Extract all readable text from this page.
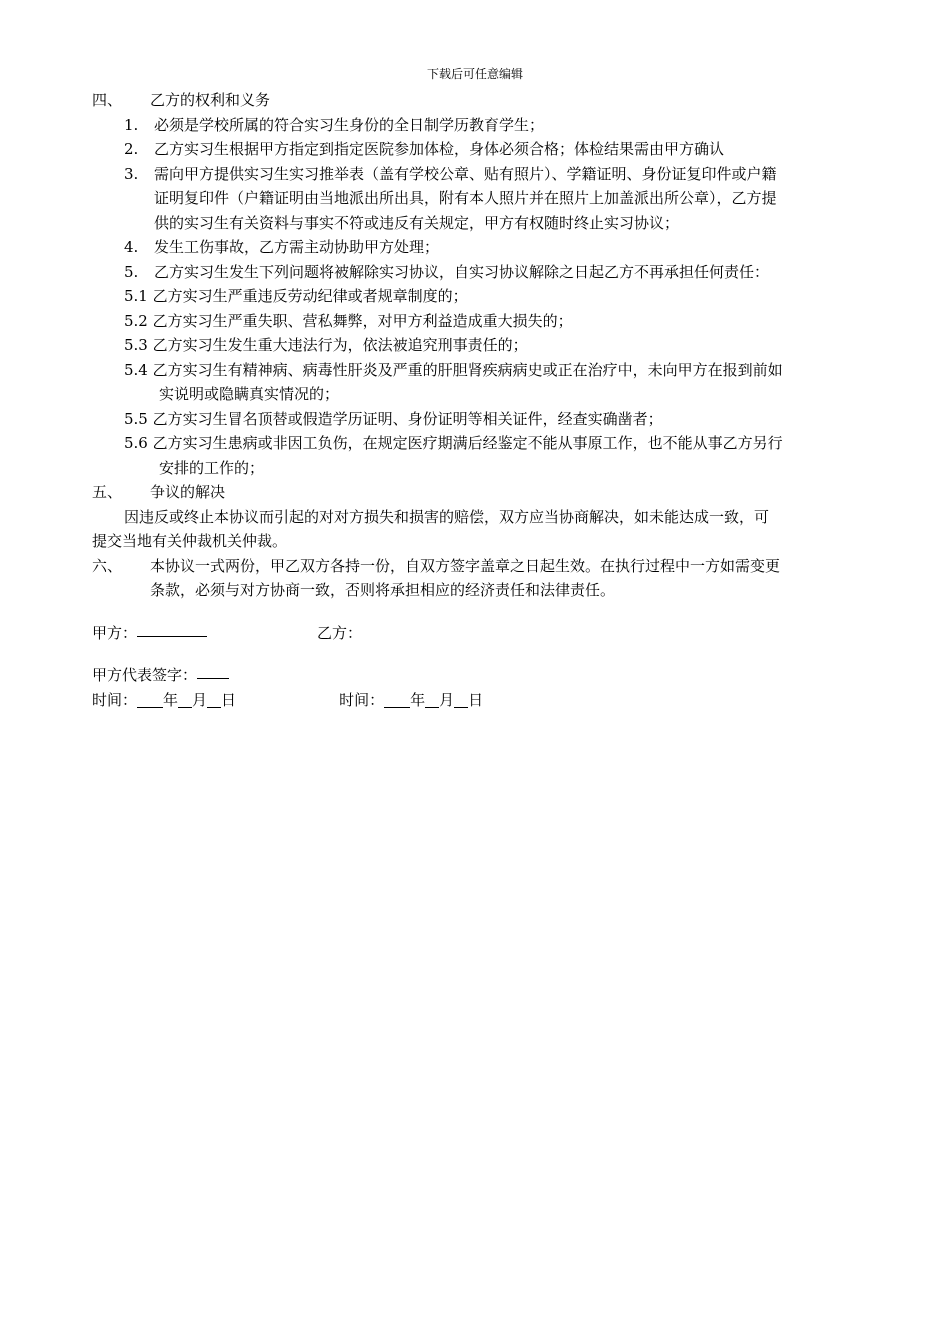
下载后可任意编辑
四、	乙方的权利和义务
1.	必须是学校所属的符合实习生身份的全日制学历教育学生；
2.	乙方实习生根据甲方指定到指定医院参加体检，身体必须合格；体检结果需由甲方确认
3.	需向甲方提供实习生实习推举表（盖有学校公章、贴有照片）、学籍证明、身份证复印件或户籍
证明复印件（户籍证明由当地派出所出具，附有本人照片并在照片上加盖派出所公章），乙方提
供的实习生有关资料与事实不符或违反有关规定，甲方有权随时终止实习协议；
4.	发生工伤事故，乙方需主动协助甲方处理；
5.	乙方实习生发生下列问题将被解除实习协议，自实习协议解除之日起乙方不再承担任何责任：
5.1 乙方实习生严重违反劳动纪律或者规章制度的；
5.2 乙方实习生严重失职、营私舞弊，对甲方利益造成重大损失的；
5.3 乙方实习生发生重大违法行为，依法被追究刑事责任的；
5.4 乙方实习生有精神病、病毒性肝炎及严重的肝胆肾疾病病史或正在治疗中，未向甲方在报到前如
实说明或隐瞒真实情况的；
5.5 乙方实习生冒名顶替或假造学历证明、身份证明等相关证件，经查实确凿者；
5.6 乙方实习生患病或非因工负伤，在规定医疗期满后经鉴定不能从事原工作，也不能从事乙方另行
安排的工作的；
五、	争议的解决
因违反或终止本协议而引起的对对方损失和损害的赔偿，双方应当协商解决，如未能达成一致，可
提交当地有关仲裁机关仲裁。
六、	本协议一式两份，甲乙双方各持一份，自双方签字盖章之日起生效。在执行过程中一方如需变更
条款，必须与对方协商一致，否则将承担相应的经济责任和法律责任。
甲方：	乙方：
甲方代表签字：
时间： 年 月 日	时间： 年 月 日
